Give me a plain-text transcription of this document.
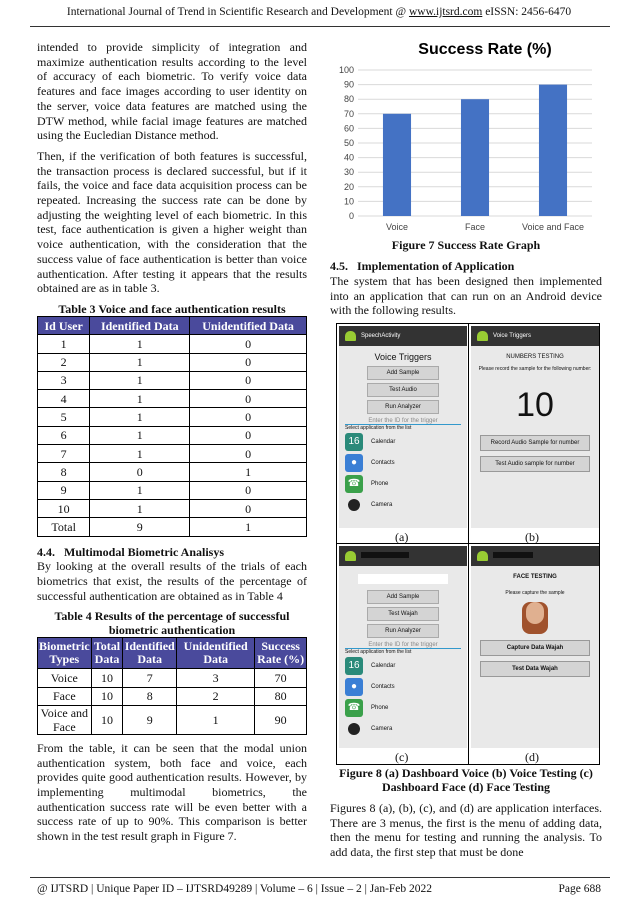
International Journal of Trend in Scientific Research and Development @ www.ijtsrd.com eISSN: 2456-6470

intended to provide simplicity of integration and maximize authentication results according to the level of accuracy of each biometric. To verify voice data features and face images according to user identity on the server, voice data features are matched using the DTW method, while facial image features are matched using the Eucledian Distance method.

Then, if the verification of both features is successful, the transaction process is declared successful, but if it fails, the voice and face data acquisition process can be repeated. Increasing the success rate can be done by adjusting the weighting level of each biometric. In this test, face authentication is given a higher weight than voice authentication, with the consideration that the success value of face authentication is better than voice authentication. After testing it appears that the results obtained are as in table 3.

Table 3 Voice and face authentication results
Id User	Identified Data	Unidentified Data
1	1	0
2	1	0
3	1	0
4	1	0
5	1	0
6	1	0
7	1	0
8	0	1
9	1	0
10	1	0
Total	9	1
4.4.   Multimodal Biometric Analisys

By looking at the overall results of the trials of each biometrics that exist, the results of the percentage of successful authentication are obtained as in Table 4

Table 4 Results of the percentage of successful biometric authentication
Biometric Types	Total Data	Identified Data	Unidentified Data	Success Rate (%)
Voice	10	7	3	70
Face	10	8	2	80
Voice and Face	10	9	1	90

From the table, it can be seen that the modal union authentication system, both face and voice, each provides quite good authentication results. However, by implementing multimodal biometrics, the authentication success rate will be even better with a success rate of up to 90%. This comparison is better shown in the test result graph in Figure 7.

Success Rate (%)
0
10
20
30
40
50
60
70
80
90
100
Voice	Face	Voice and Face
Figure 7 Success Rate Graph
4.5.   Implementation of Application
The system that has been designed then implemented into an application that can run on an Android device with the following results.
SpeechActivity
Voice Triggers
Add Sample
Test Audio
Run Analyzer
Enter the ID for the trigger
Select application from the list
16	Calendar
●	Contacts
☎	Phone
Camera
(a)
Voice Triggers
NUMBERS TESTING
Please record the sample for the following number:
10
Record Audio Sample for number
Test Audio sample for number
(b)
Add Sample
Test Wajah
Run Analyzer
Enter the ID for the trigger
Select application from the list
16	Calendar
●	Contacts
☎	Phone
Camera
(c)
FACE TESTING
Please capture the sample
Capture Data Wajah
Test Data Wajah
(d)
Figure 8 (a) Dashboard Voice (b) Voice Testing (c) Dashboard Face (d) Face Testing
Figures 8 (a), (b), (c), and (d) are application interfaces. There are 3 menus, the first is the menu of adding data, then the menu for testing and running the analysis. To add data, the first step that must be done
@ IJTSRD | Unique Paper ID – IJTSRD49289 | Volume – 6 | Issue – 2 | Jan-Feb 2022	Page 688
